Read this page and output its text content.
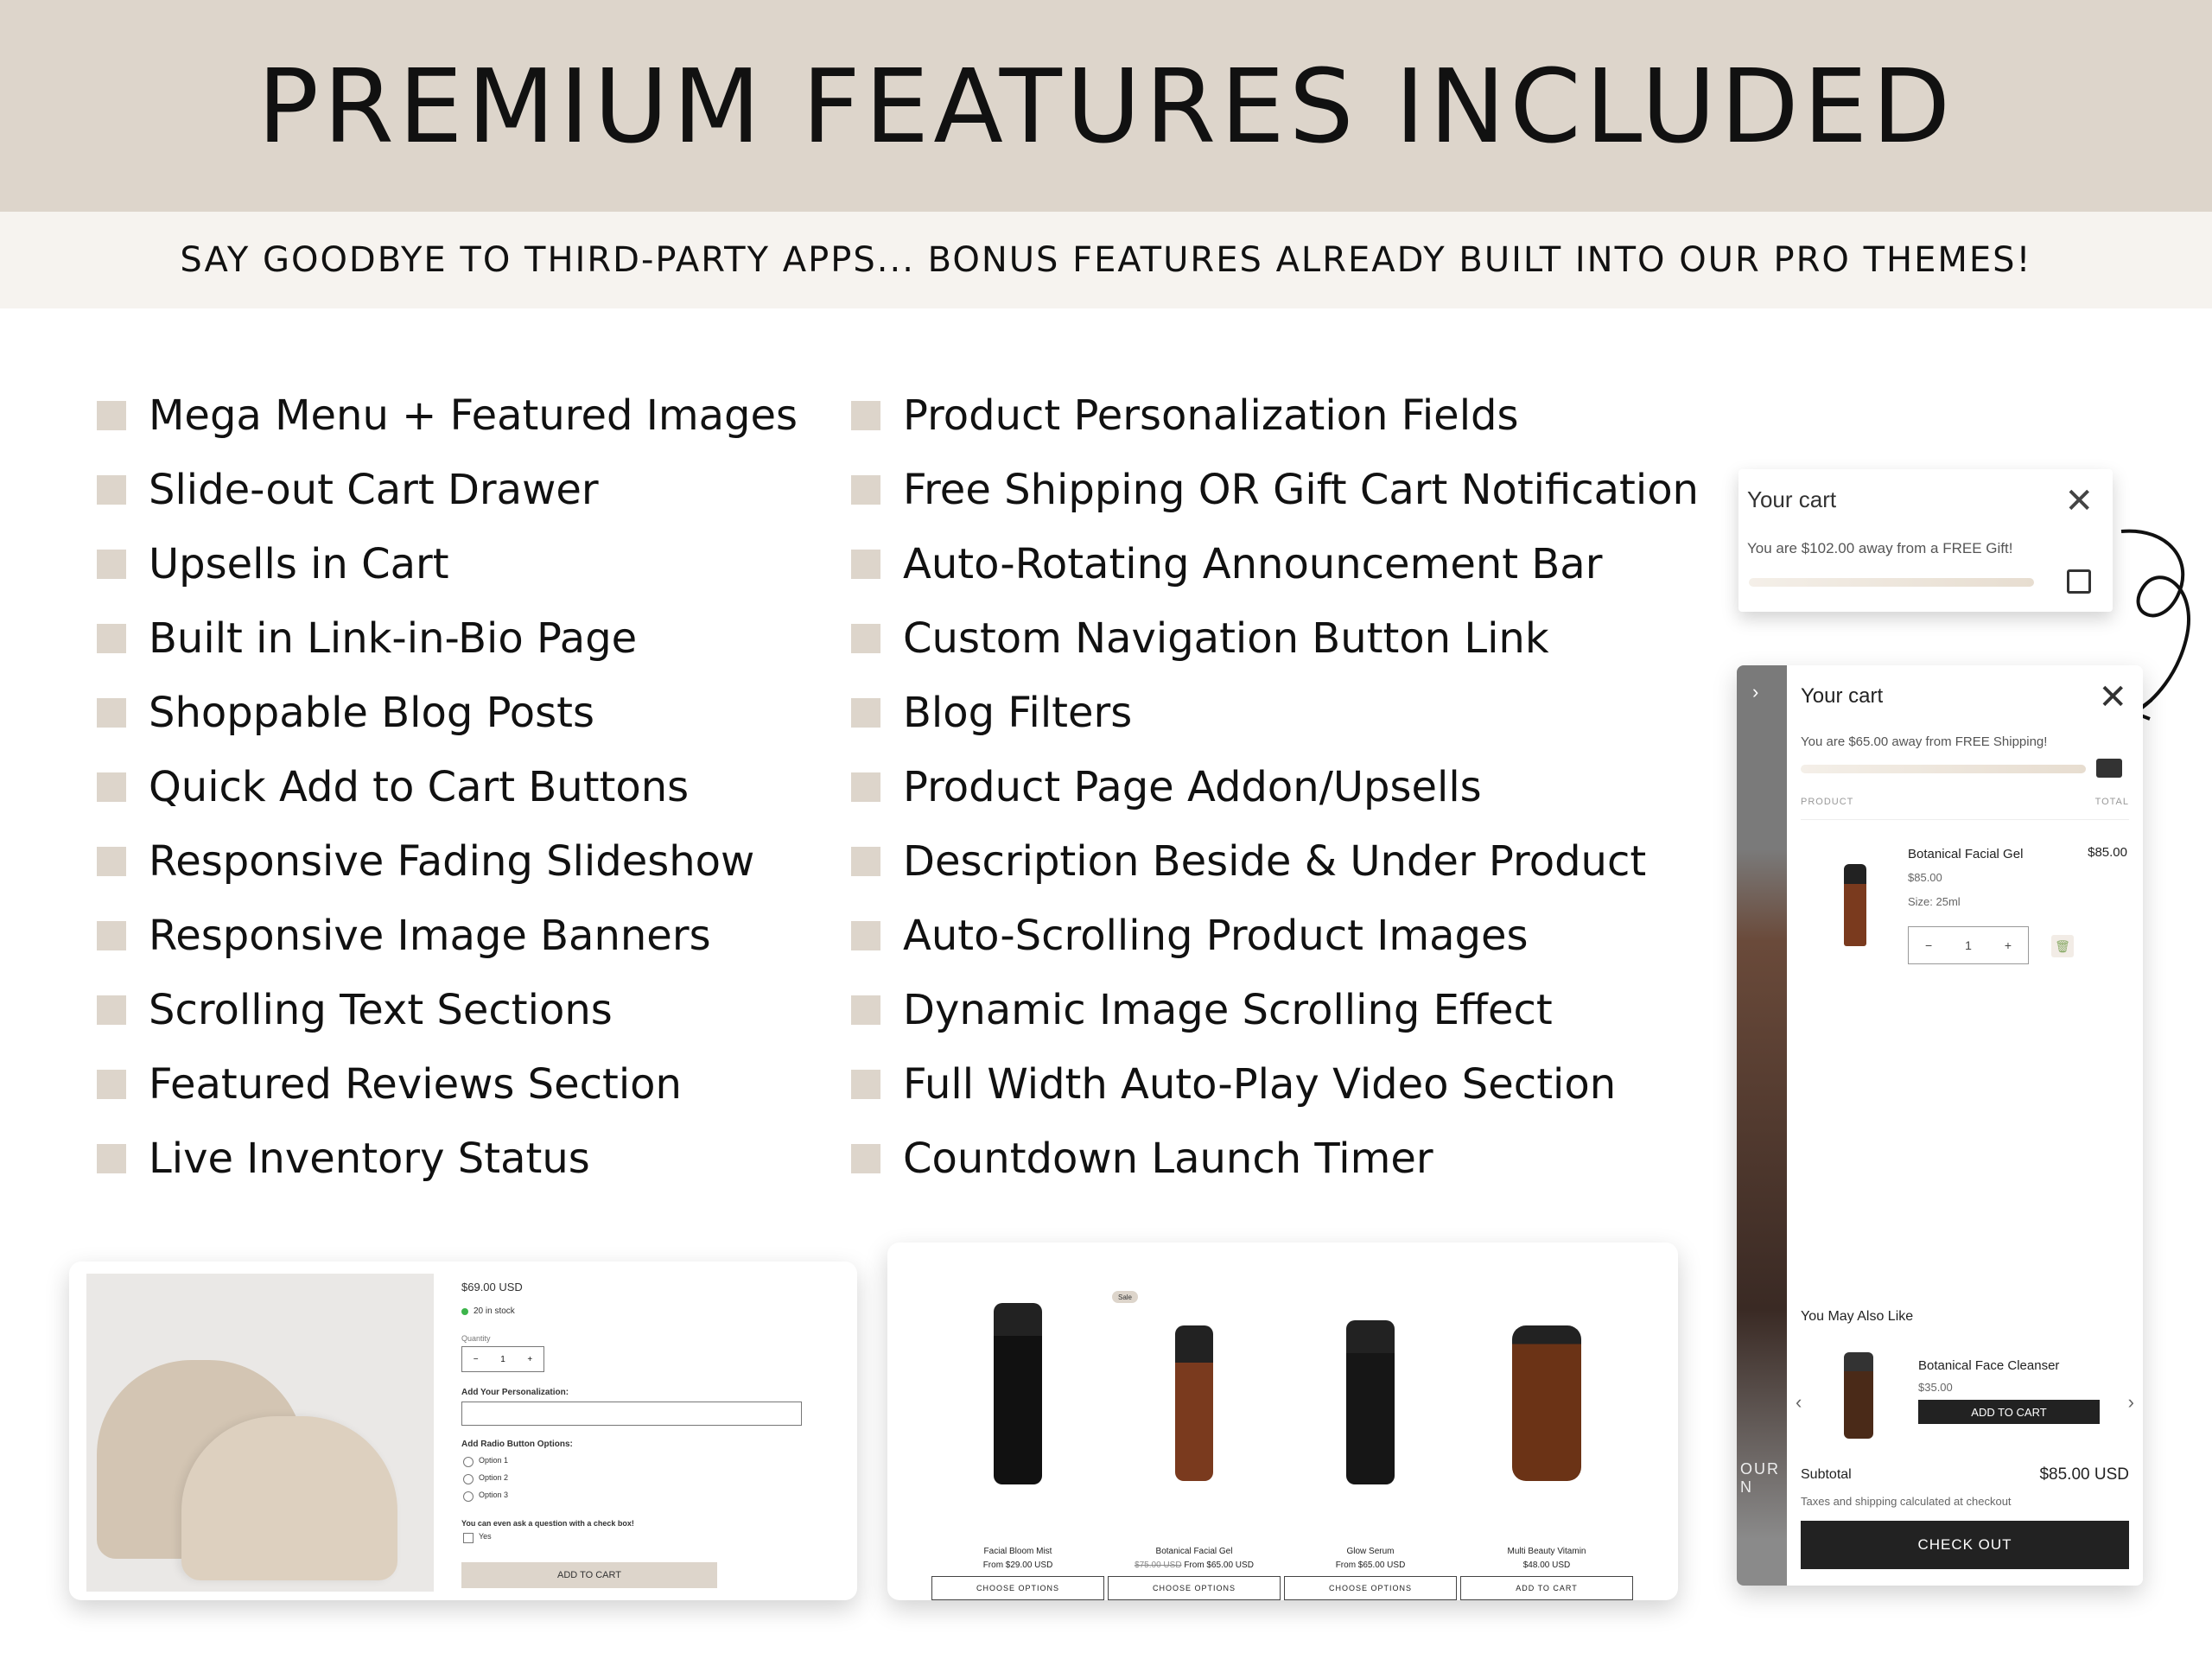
PREMIUM FEATURES INCLUDED

SAY GOODBYE TO THIRD-PARTY APPS... BONUS FEATURES ALREADY BUILT INTO OUR PRO THEMES!

Mega Menu + Featured Images
Slide-out Cart Drawer
Upsells in Cart
Built in Link-in-Bio Page
Shoppable Blog Posts
Quick Add to Cart Buttons
Responsive Fading Slideshow
Responsive Image Banners
Scrolling Text Sections
Featured Reviews Section
Live Inventory Status
Product Personalization Fields
Free Shipping OR Gift Cart Notification
Auto-Rotating Announcement Bar
Custom Navigation Button Link
Blog Filters
Product Page Addon/Upsells
Description Beside & Under Product
Auto-Scrolling Product Images
Dynamic Image Scrolling Effect
Full Width Auto-Play Video Section
Countdown Launch Timer
Your cart	✕
You are $102.00 away from a FREE Gift!
›
OUR N
Your cart	✕
You are $65.00 away from FREE Shipping!
PRODUCT	TOTAL
Botanical Facial Gel	$85.00
$85.00
Size: 25ml
−	1	+	🗑
You May Also Like
‹
Botanical Face Cleanser
$35.00
ADD TO CART	›
Subtotal	$85.00 USD
Taxes and shipping calculated at checkout
CHECK OUT
$69.00 USD
20 in stock
Quantity
−	1	+
Add Your Personalization:
Add Radio Button Options:
Option 1
Option 2
Option 3
You can even ask a question with a check box!
Yes
ADD TO CART
Sale
Facial Bloom Mist
From $29.00 USD
CHOOSE OPTIONS
Botanical Facial Gel
$75.00 USD From $65.00 USD
CHOOSE OPTIONS
Glow Serum
From $65.00 USD
CHOOSE OPTIONS
Multi Beauty Vitamin
$48.00 USD
ADD TO CART
